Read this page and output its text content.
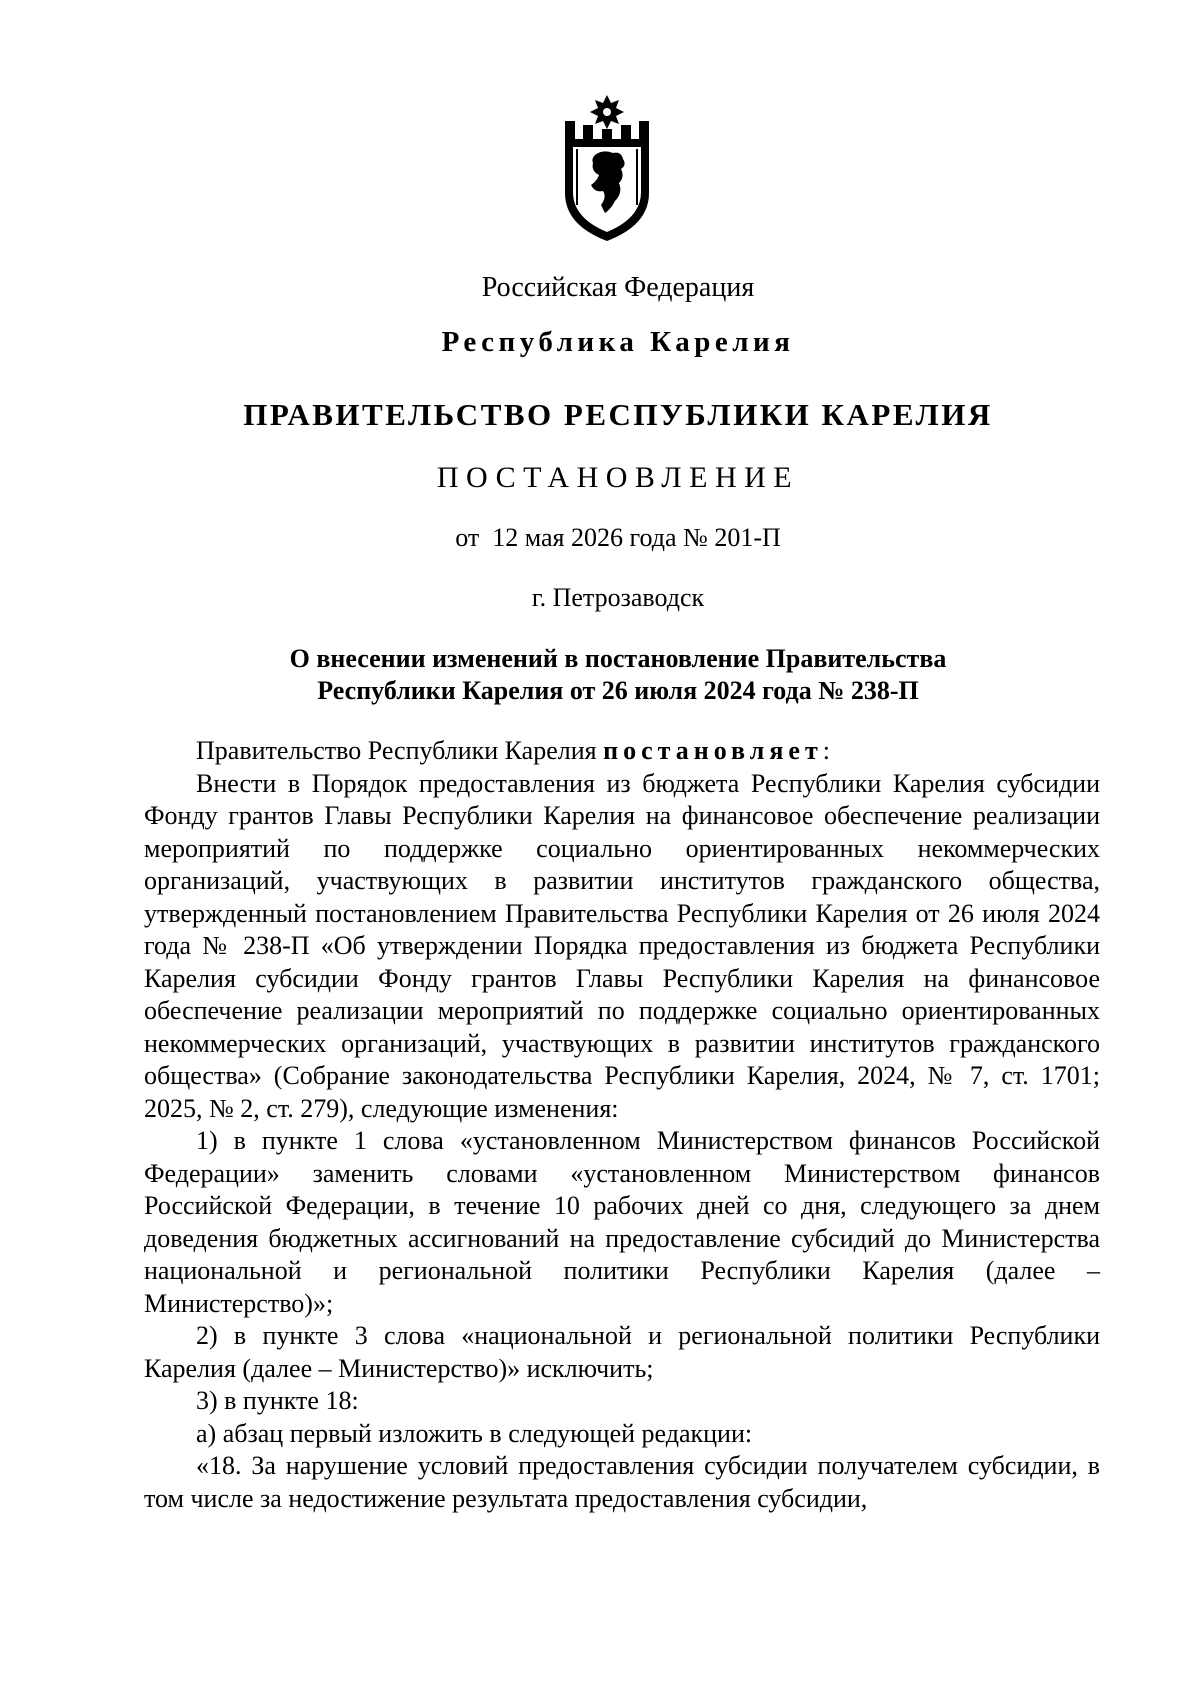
Российская Федерация
Республика Карелия
ПРАВИТЕЛЬСТВО РЕСПУБЛИКИ КАРЕЛИЯ
ПОСТАНОВЛЕНИЕ
от  12 мая 2026 года № 201-П
г. Петрозаводск
О внесении изменений в постановление Правительства
Республики Карелия от 26 июля 2024 года № 238-П

Правительство Республики Карелия постановляет:

Внести в Порядок предоставления из бюджета Республики Карелия субсидии Фонду грантов Главы Республики Карелия на финансовое обеспечение реализации мероприятий по поддержке социально ориентированных некоммерческих организаций, участвующих в развитии институтов гражданского общества, утвержденный постановлением Правительства Республики Карелия от 26 июля 2024 года № 238-П «Об утверждении Порядка предоставления из бюджета Республики Карелия субсидии Фонду грантов Главы Республики Карелия на финансовое обеспечение реализации мероприятий по поддержке социально ориентированных некоммерческих организаций, участвующих в развитии институтов гражданского общества» (Собрание законодательства Республики Карелия, 2024, № 7, ст. 1701; 2025, № 2, ст. 279), следующие изменения:

1) в пункте 1 слова «установленном Министерством финансов Российской Федерации» заменить словами «установленном Министерством финансов Российской Федерации, в течение 10 рабочих дней со дня, следующего за днем доведения бюджетных ассигнований на предоставление субсидий до Министерства национальной и региональной политики Республики Карелия (далее – Министерство)»;

2) в пункте 3 слова «национальной и региональной политики Республики Карелия (далее – Министерство)» исключить;

3) в пункте 18:

а) абзац первый изложить в следующей редакции:

«18. За нарушение условий предоставления субсидии получателем субсидии, в том числе за недостижение результата предоставления субсидии,
